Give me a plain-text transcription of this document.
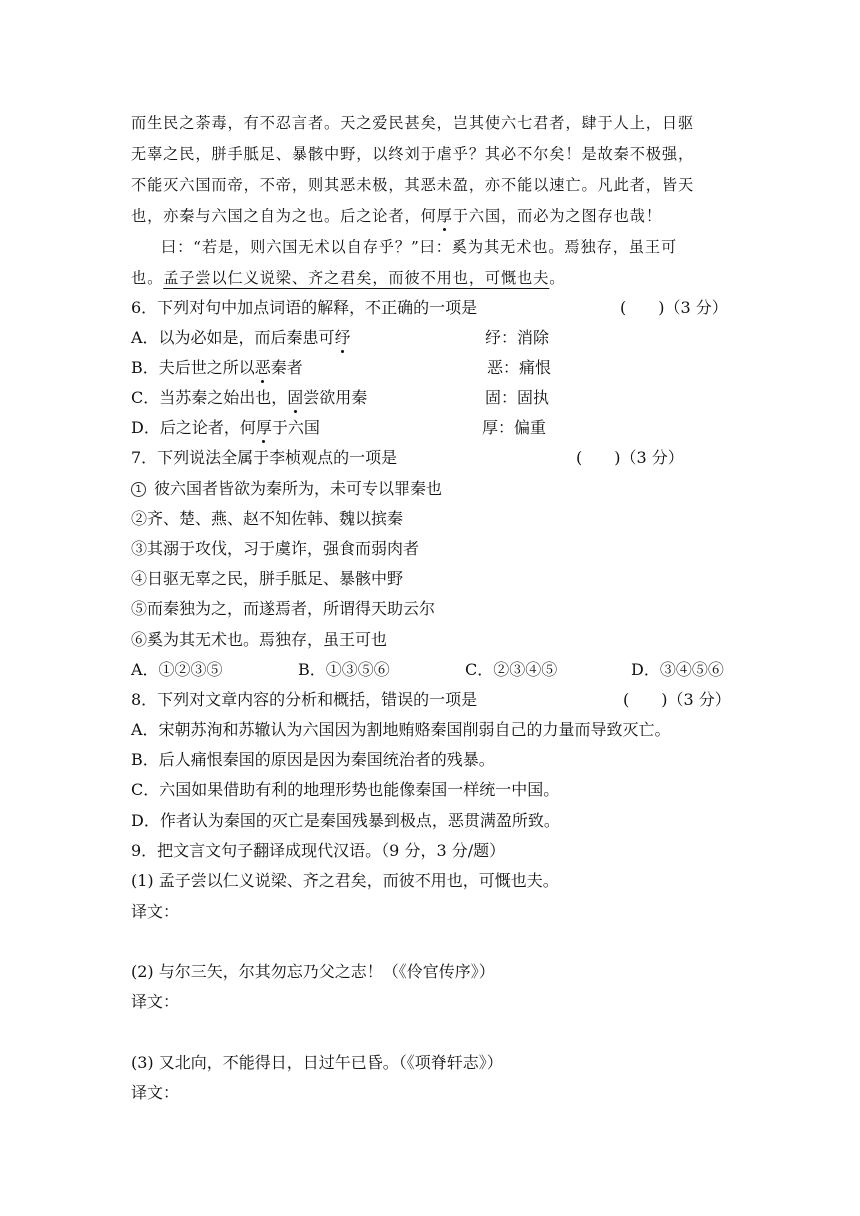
而生民之荼毒，有不忍言者。天之爱民甚矣，岂其使六七君者，肆于人上，日驱
无辜之民，胼手胝足、暴骸中野，以终刘于虐乎？其必不尔矣！是故秦不极强，
不能灭六国而帝，不帝，则其恶未极，其恶未盈，亦不能以速亡。凡此者，皆天
也，亦秦与六国之自为之也。后之论者，何厚于六国，而必为之图存也哉！
曰：“若是，则六国无术以自存乎？”曰：奚为其无术也。焉独存，虽王可
也。孟子尝以仁义说梁、齐之君矣，而彼不用也，可慨也夫。
6．下列对句中加点词语的解释，不正确的一项是	(　　)（3 分）
A．以为必如是，而后秦患可纾	纾：消除
B．夫后世之所以恶秦者	恶：痛恨
C．当苏秦之始出也，固尝欲用秦	固：固执
D．后之论者，何厚于六国	厚：偏重
7．下列说法全属于李桢观点的一项是	(　　)（3 分）
1 彼六国者皆欲为秦所为，未可专以罪秦也
②齐、楚、燕、赵不知佐韩、魏以摈秦
③其溺于攻伐，习于虞诈，强食而弱肉者
④日驱无辜之民，胼手胝足、暴骸中野
⑤而秦独为之，而遂焉者，所谓得天助云尔
⑥奚为其无术也。焉独存，虽王可也
A．①②③⑤	B．①③⑤⑥	C．②③④⑤	D．③④⑤⑥
8．下列对文章内容的分析和概括，错误的一项是	(　　)（3 分）
A．宋朝苏洵和苏辙认为六国因为割地贿赂秦国削弱自己的力量而导致灭亡。
B．后人痛恨秦国的原因是因为秦国统治者的残暴。
C．六国如果借助有利的地理形势也能像秦国一样统一中国。
D．作者认为秦国的灭亡是秦国残暴到极点，恶贯满盈所致。
9．把文言文句子翻译成现代汉语。（9 分，3 分/题）
(1) 孟子尝以仁义说梁、齐之君矣，而彼不用也，可慨也夫。
译文：
(2) 与尔三矢，尔其勿忘乃父之志！（《伶官传序》）
译文：
(3) 又北向，不能得日，日过午已昏。（《项脊轩志》）
译文：
